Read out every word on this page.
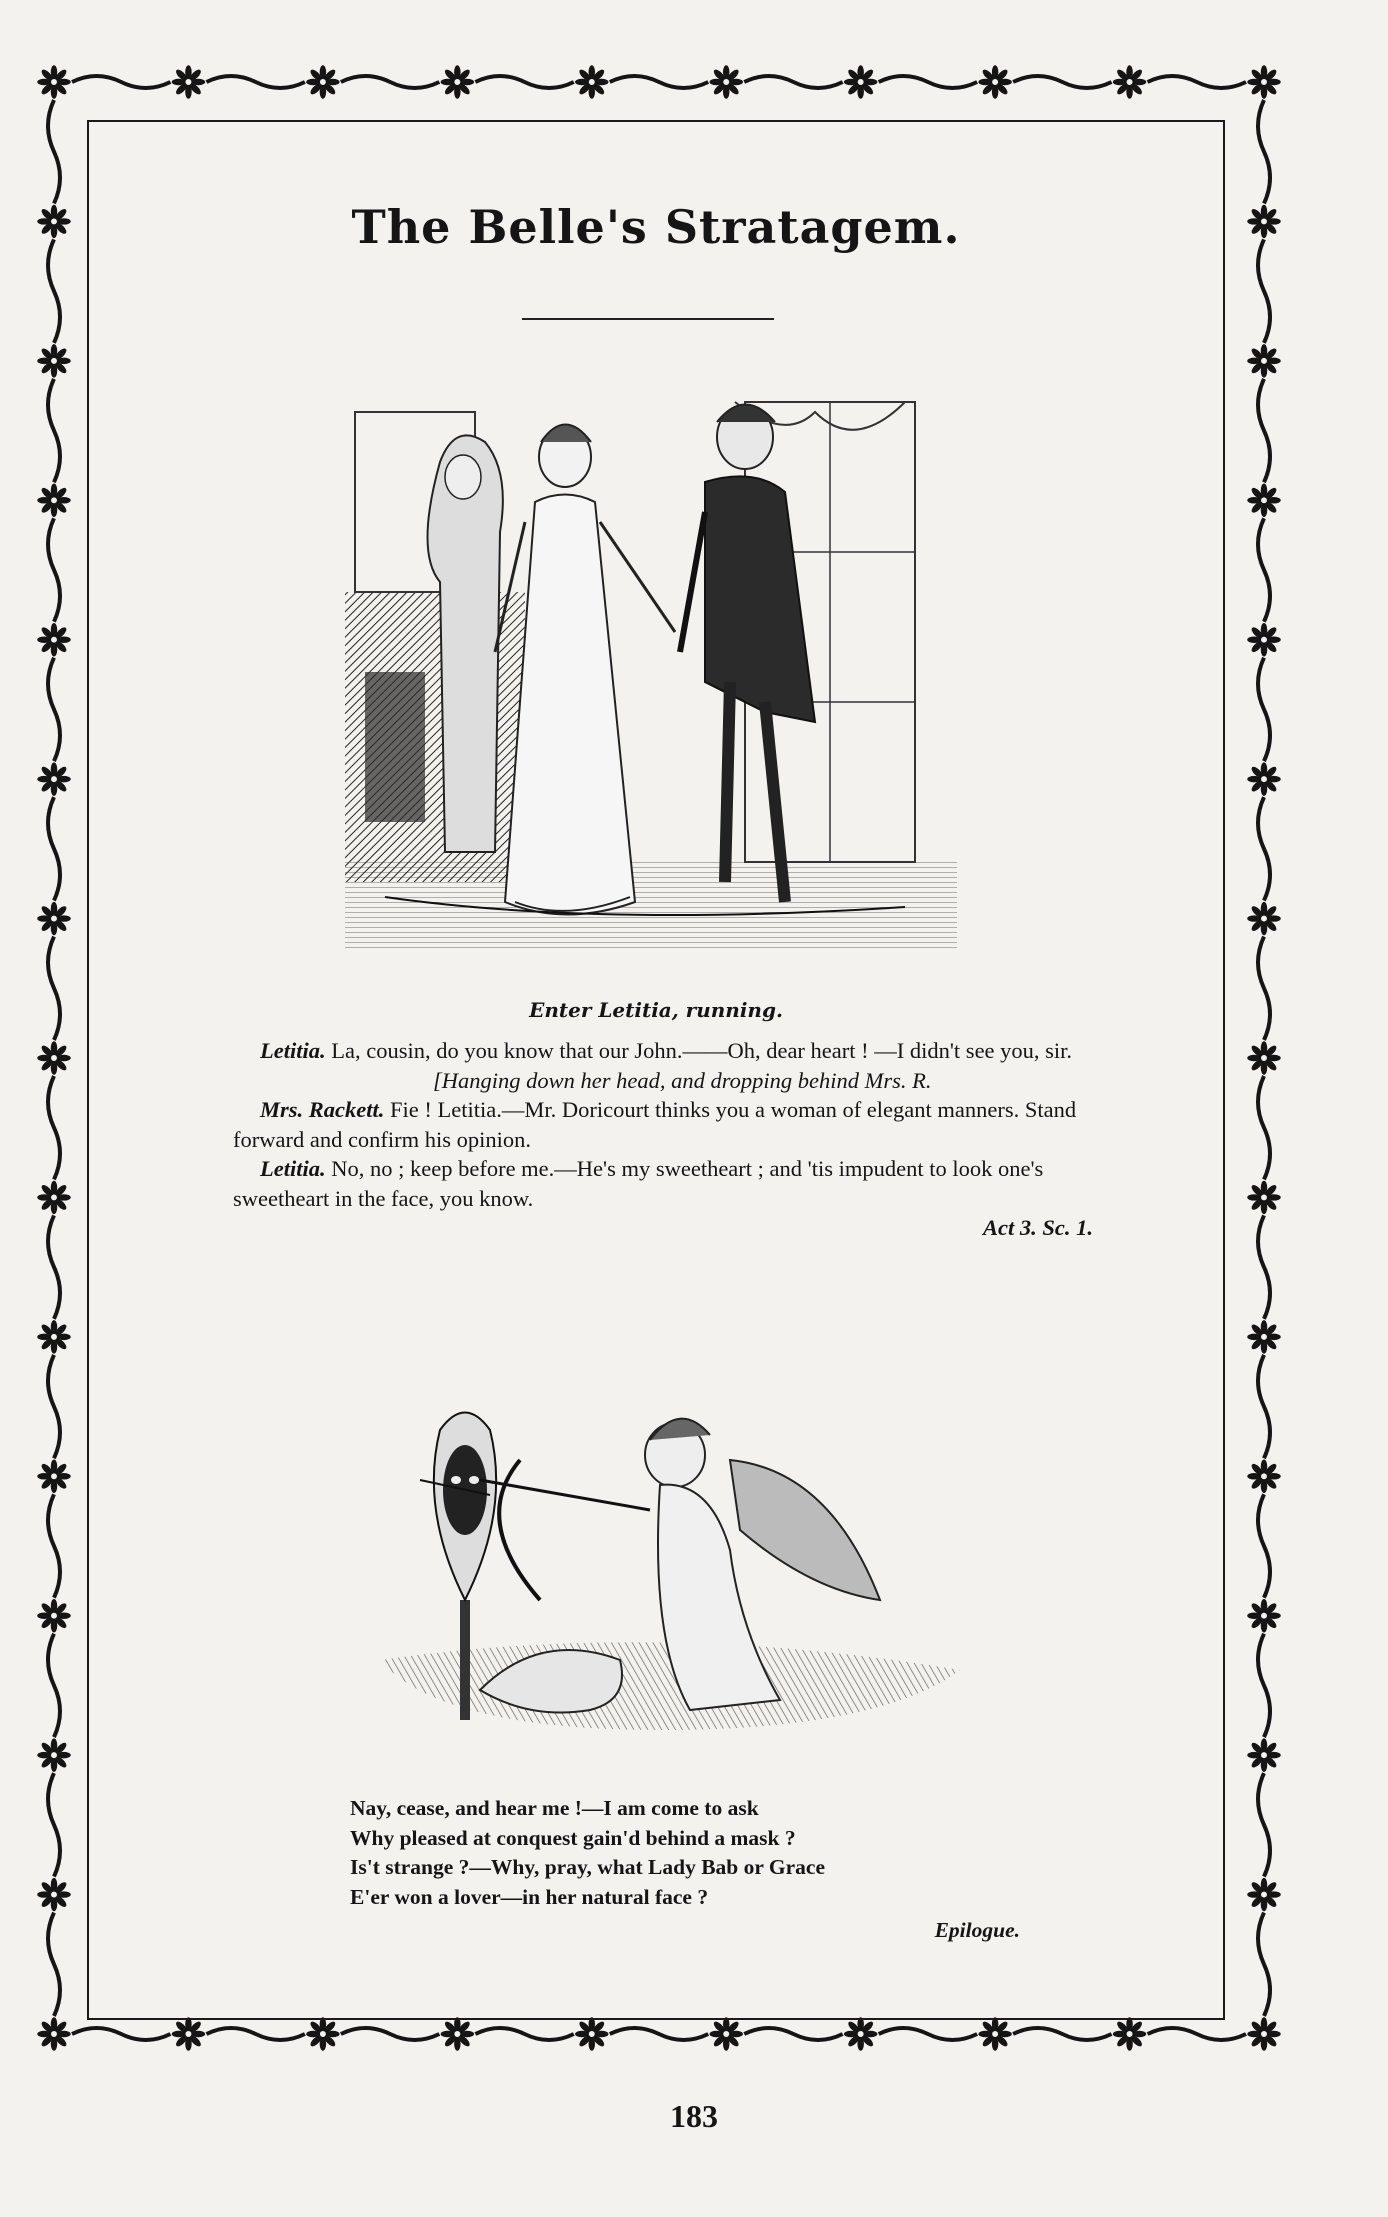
The Belle's Stratagem.
Enter Letitia, running.

Letitia. La, cousin, do you know that our John.——Oh, dear heart ! —I didn't see you, sir.

[Hanging down her head, and dropping behind Mrs. R.

Mrs. Rackett. Fie ! Letitia.—Mr. Doricourt thinks you a woman of elegant manners. Stand forward and confirm his opinion.

Letitia. No, no ; keep before me.—He's my sweetheart ; and 'tis impudent to look one's sweetheart in the face, you know.

Act 3. Sc. 1.

Nay, cease, and hear me !—I am come to ask

Why pleased at conquest gain'd behind a mask ?

Is't strange ?—Why, pray, what Lady Bab or Grace

E'er won a lover—in her natural face ?

Epilogue.

183
